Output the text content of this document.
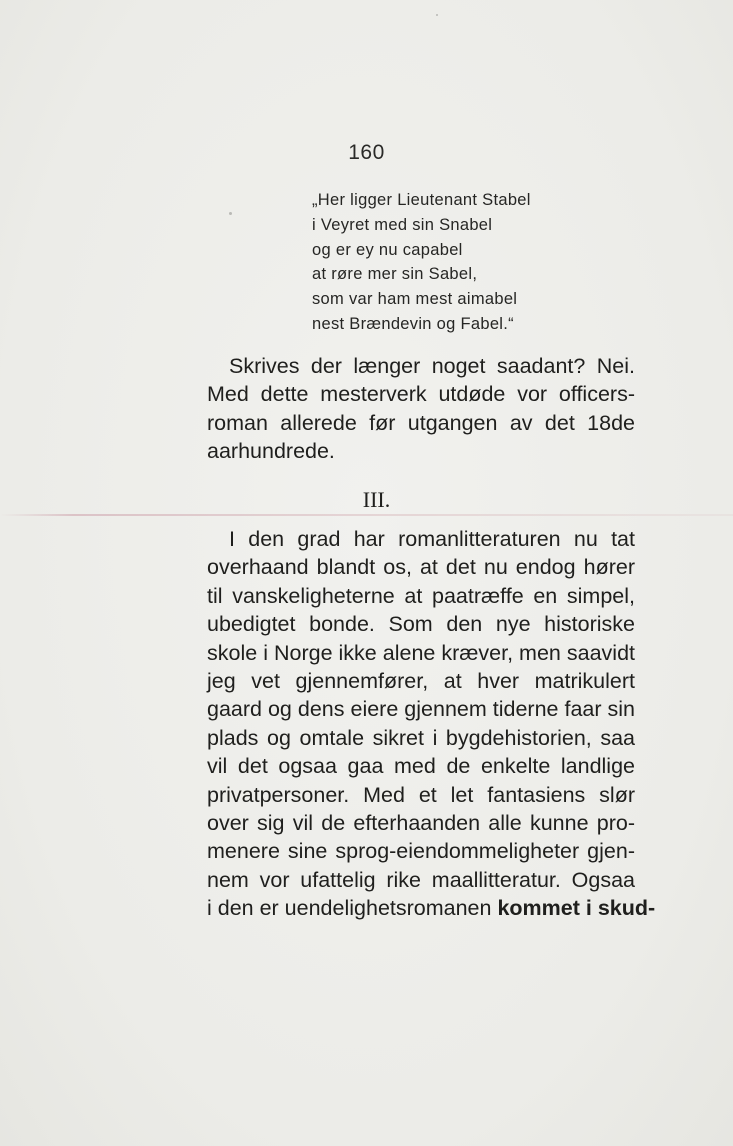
160
„Her ligger Lieutenant Stabel
i Veyret med sin Snabel
og er ey nu capabel
at røre mer sin Sabel,
som var ham mest aimabel
nest Brændevin og Fabel.“
Skrives der længer noget saadant? Nei.
Med dette mesterverk utdøde vor officers-
roman allerede før utgangen av det 18de
aarhundrede.
III.
I den grad har romanlitteraturen nu tat
overhaand blandt os, at det nu endog hører
til vanskeligheterne at paatræffe en simpel,
ubedigtet bonde. Som den nye historiske
skole i Norge ikke alene kræver, men saavidt
jeg vet gjennemfører, at hver matrikulert
gaard og dens eiere gjennem tiderne faar sin
plads og omtale sikret i bygdehistorien, saa
vil det ogsaa gaa med de enkelte landlige
privatpersoner. Med et let fantasiens slør
over sig vil de efterhaanden alle kunne pro-
menere sine sprog-eiendommeligheter gjen-
nem vor ufattelig rike maallitteratur. Ogsaa
i den er uendelighetsromanen kommet i skud-
